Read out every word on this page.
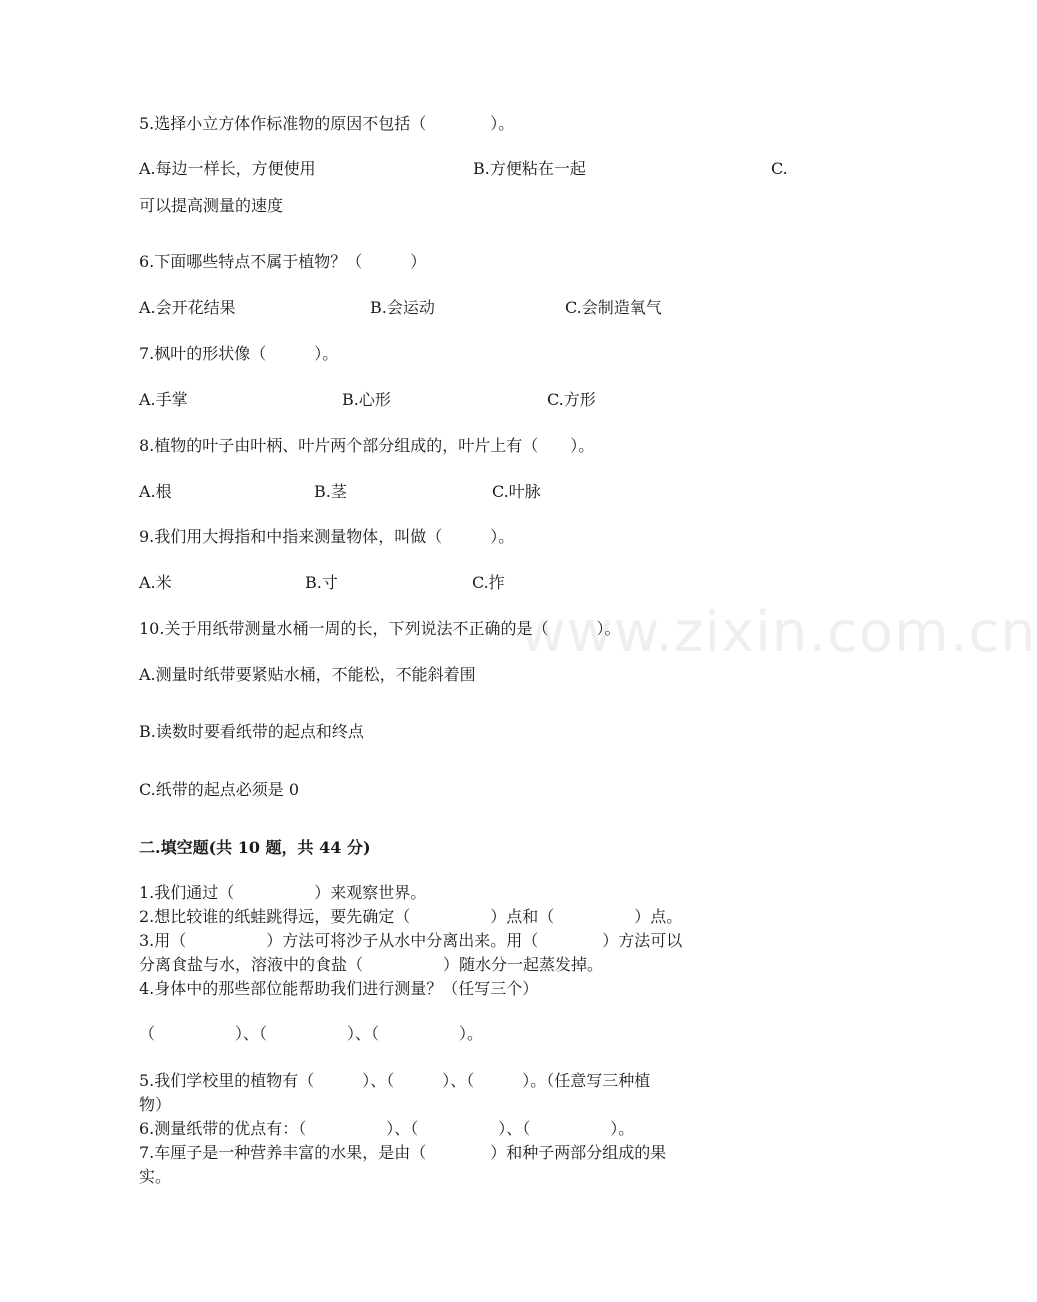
www.zixin.com.cn
5.选择小立方体作标准物的原因不包括（　　　　）。
A.每边一样长，方便使用	B.方便粘在一起	C.
可以提高测量的速度
6.下面哪些特点不属于植物？（　　　）
A.会开花结果	B.会运动	C.会制造氧气
7.枫叶的形状像（　　　）。
A.手掌	B.心形	C.方形
8.植物的叶子由叶柄、叶片两个部分组成的，叶片上有（　　）。
A.根	B.茎	C.叶脉
9.我们用大拇指和中指来测量物体，叫做（　　　）。
A.米	B.寸	C.拃
10.关于用纸带测量水桶一周的长，下列说法不正确的是（　　　）。
A.测量时纸带要紧贴水桶，不能松，不能斜着围
B.读数时要看纸带的起点和终点
C.纸带的起点必须是 0
二.填空题(共 10 题，共 44 分)
1.我们通过（　　　　　）来观察世界。
2.想比较谁的纸蛙跳得远，要先确定（　　　　　）点和（　　　　　）点。
3.用（　　　　　）方法可将沙子从水中分离出来。用（　　　　）方法可以
分离食盐与水，溶液中的食盐（　　　　　）随水分一起蒸发掉。
4.身体中的那些部位能帮助我们进行测量？（任写三个）
（　　　　　）、（　　　　　）、（　　　　　）。
5.我们学校里的植物有（　　　）、（　　　）、（　　　）。（任意写三种植
物）
6.测量纸带的优点有：（　　　　　）、（　　　　　）、（　　　　　）。
7.车厘子是一种营养丰富的水果，是由（　　　　）和种子两部分组成的果
实。
